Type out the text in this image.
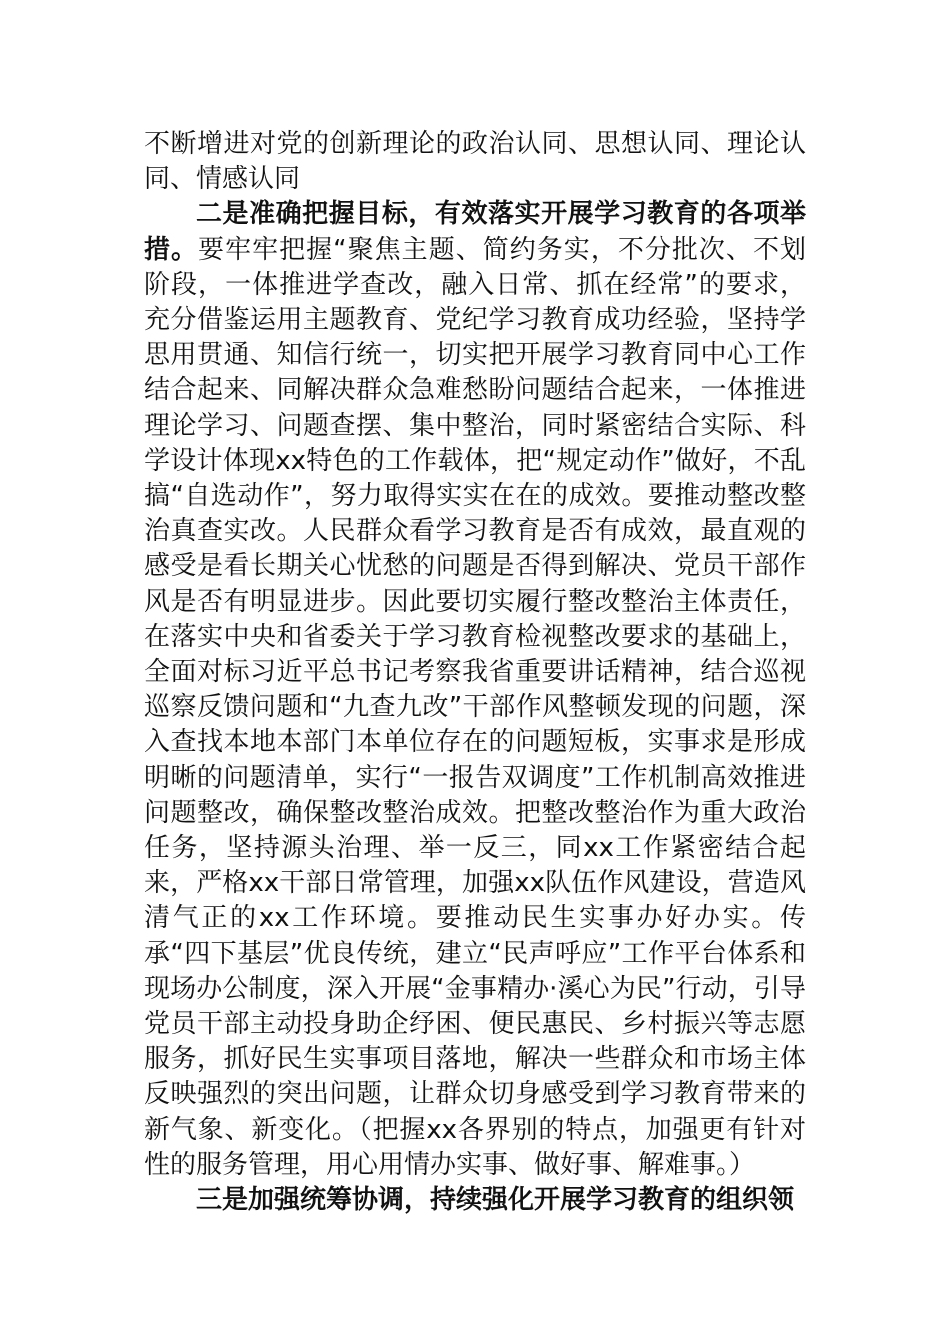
不断增进对党的创新理论的政治认同、思想认同、理论认同、情感认同

二是准确把握目标，有效落实开展学习教育的各项举措。要牢牢把握“聚焦主题、简约务实，不分批次、不划阶段，一体推进学查改，融入日常、抓在经常”的要求，充分借鉴运用主题教育、党纪学习教育成功经验，坚持学思用贯通、知信行统一，切实把开展学习教育同中心工作结合起来、同解决群众急难愁盼问题结合起来，一体推进理论学习、问题查摆、集中整治，同时紧密结合实际、科学设计体现xx特色的工作载体，把“规定动作”做好，不乱搞“自选动作”，努力取得实实在在的成效。要推动整改整治真查实改。人民群众看学习教育是否有成效，最直观的感受是看长期关心忧愁的问题是否得到解决、党员干部作风是否有明显进步。因此要切实履行整改整治主体责任，在落实中央和省委关于学习教育检视整改要求的基础上，全面对标习近平总书记考察我省重要讲话精神，结合巡视巡察反馈问题和“九查九改”干部作风整顿发现的问题，深入查找本地本部门本单位存在的问题短板，实事求是形成明晰的问题清单，实行“一报告双调度”工作机制高效推进问题整改，确保整改整治成效。把整改整治作为重大政治任务，坚持源头治理、举一反三，同xx工作紧密结合起来，严格xx干部日常管理，加强xx队伍作风建设，营造风清气正的xx工作环境。要推动民生实事办好办实。传承“四下基层”优良传统，建立“民声呼应”工作平台体系和现场办公制度，深入开展“金事精办·溪心为民”行动，引导党员干部主动投身助企纾困、便民惠民、乡村振兴等志愿服务，抓好民生实事项目落地，解决一些群众和市场主体反映强烈的突出问题，让群众切身感受到学习教育带来的新气象、新变化。（把握xx各界别的特点，加强更有针对性的服务管理，用心用情办实事、做好事、解难事。）

三是加强统筹协调，持续强化开展学习教育的组织领
